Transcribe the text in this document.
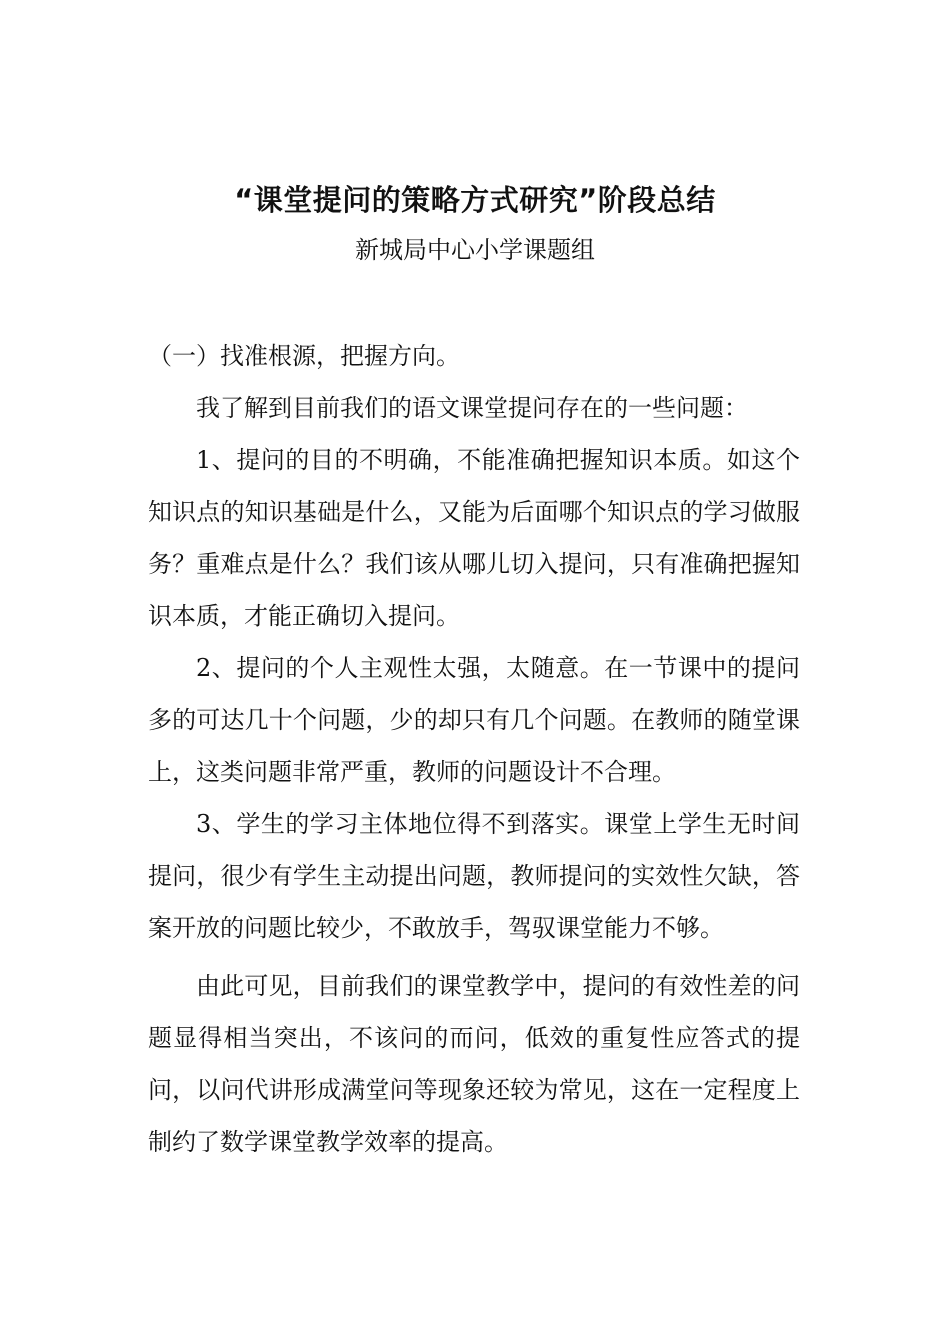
“课堂提问的策略方式研究”阶段总结
新城局中心小学课题组

（一）找准根源，把握方向。

我了解到目前我们的语文课堂提问存在的一些问题：

1、提问的目的不明确，不能准确把握知识本质。如这个知识点的知识基础是什么，又能为后面哪个知识点的学习做服务？重难点是什么？我们该从哪儿切入提问，只有准确把握知识本质，才能正确切入提问。

2、提问的个人主观性太强，太随意。在一节课中的提问多的可达几十个问题，少的却只有几个问题。在教师的随堂课上，这类问题非常严重，教师的问题设计不合理。

3、学生的学习主体地位得不到落实。课堂上学生无时间提问，很少有学生主动提出问题，教师提问的实效性欠缺，答案开放的问题比较少，不敢放手，驾驭课堂能力不够。

由此可见，目前我们的课堂教学中，提问的有效性差的问题显得相当突出，不该问的而问，低效的重复性应答式的提问，以问代讲形成满堂问等现象还较为常见，这在一定程度上制约了数学课堂教学效率的提高。
